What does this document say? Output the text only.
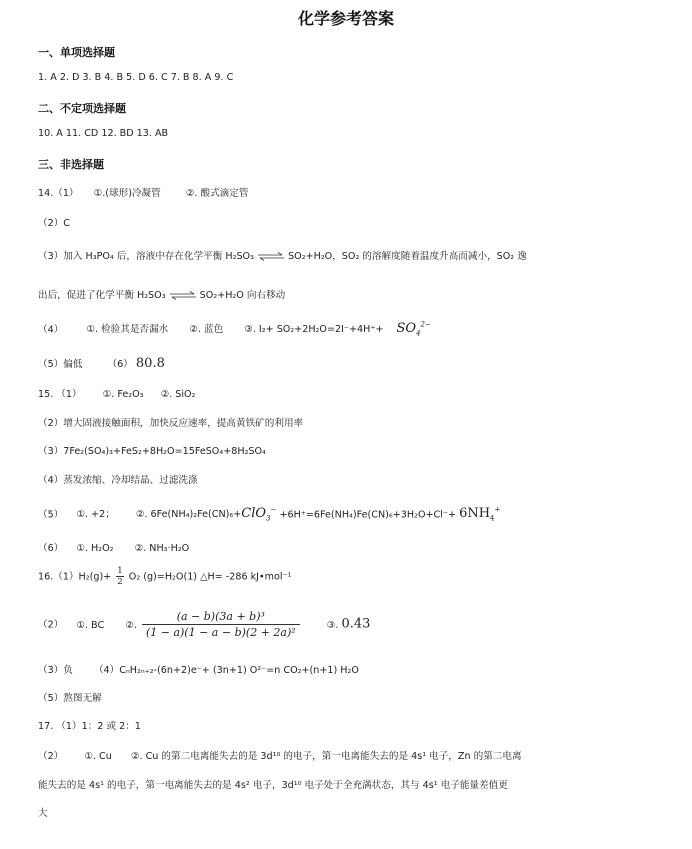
化学参考答案
一、单项选择题
1. A 2. D 3. B 4. B 5. D 6. C 7. B 8. A 9. C
二、不定项选择题
10. A 11. CD 12. BD 13. AB
三、非选择题
14.（1） ①.(球形)冷凝管	②. 酸式滴定管
（2）C
（3）加入 H₃PO₄ 后，溶液中存在化学平衡 H₂SO₃ ⇌ SO₂+H₂O，SO₂ 的溶解度随着温度升高而减小，SO₂ 逸
出后，促进了化学平衡 H₂SO₃ ⇌ SO₂+H₂O 向右移动
（4） ①. 检验其是否漏水 ②. 蓝色 ③. $I_2+ SO_2+2H_2O=2I^-+4H^++ SO_4^{2-}$
（5）偏低	（6） 80.8
15. （1） ①. Fe₂O₃ ②. SiO₂
（2）增大固液接触面积，加快反应速率，提高黄铁矿的利用率
（3）7Fe₂(SO₄)₃+FeS₂+8H₂O=15FeSO₄+8H₂SO₄
（4）蒸发浓缩、冷却结晶、过滤洗涤
（5） ①. +2； ②. $6Fe(NH_4)_2Fe(CN)_6+ClO_3^- +6H^+=6Fe(NH_4)Fe(CN)_6+3H_2O+Cl^-+ 6NH_4^+$
（6） ①. H₂O₂ ②. NH₃·H₂O
$16.(1)H_2(g)+ \frac{1}{2} O_2$ (g)=H₂O(1) △H= -286 kJ•mol⁻¹
（2） ①. BC ②. $\frac{\text{(a − b)(3a + b)³}}{\text{(1 − a)(1 − a − b)(2 + 2a)²}}$	③. 0.43
（3）负 （4）CₙH₂ₙ₊₂-(6n+2)e⁻+ (3n+1) O²⁻=n CO₂+(n+1) H₂O
（5）熬图无解
17. （1）1：2 或 2：1
（2） ①. Cu ②. Cu 的第二电离能失去的是 3d¹⁰ 的电子，第一电离能失去的是 4s¹ 电子，Zn 的第二电离
能失去的是 4s¹ 的电子，第一电离能失去的是 4s² 电子，3d¹⁰ 电子处于全充满状态，其与 4s¹ 电子能量差值更
大
